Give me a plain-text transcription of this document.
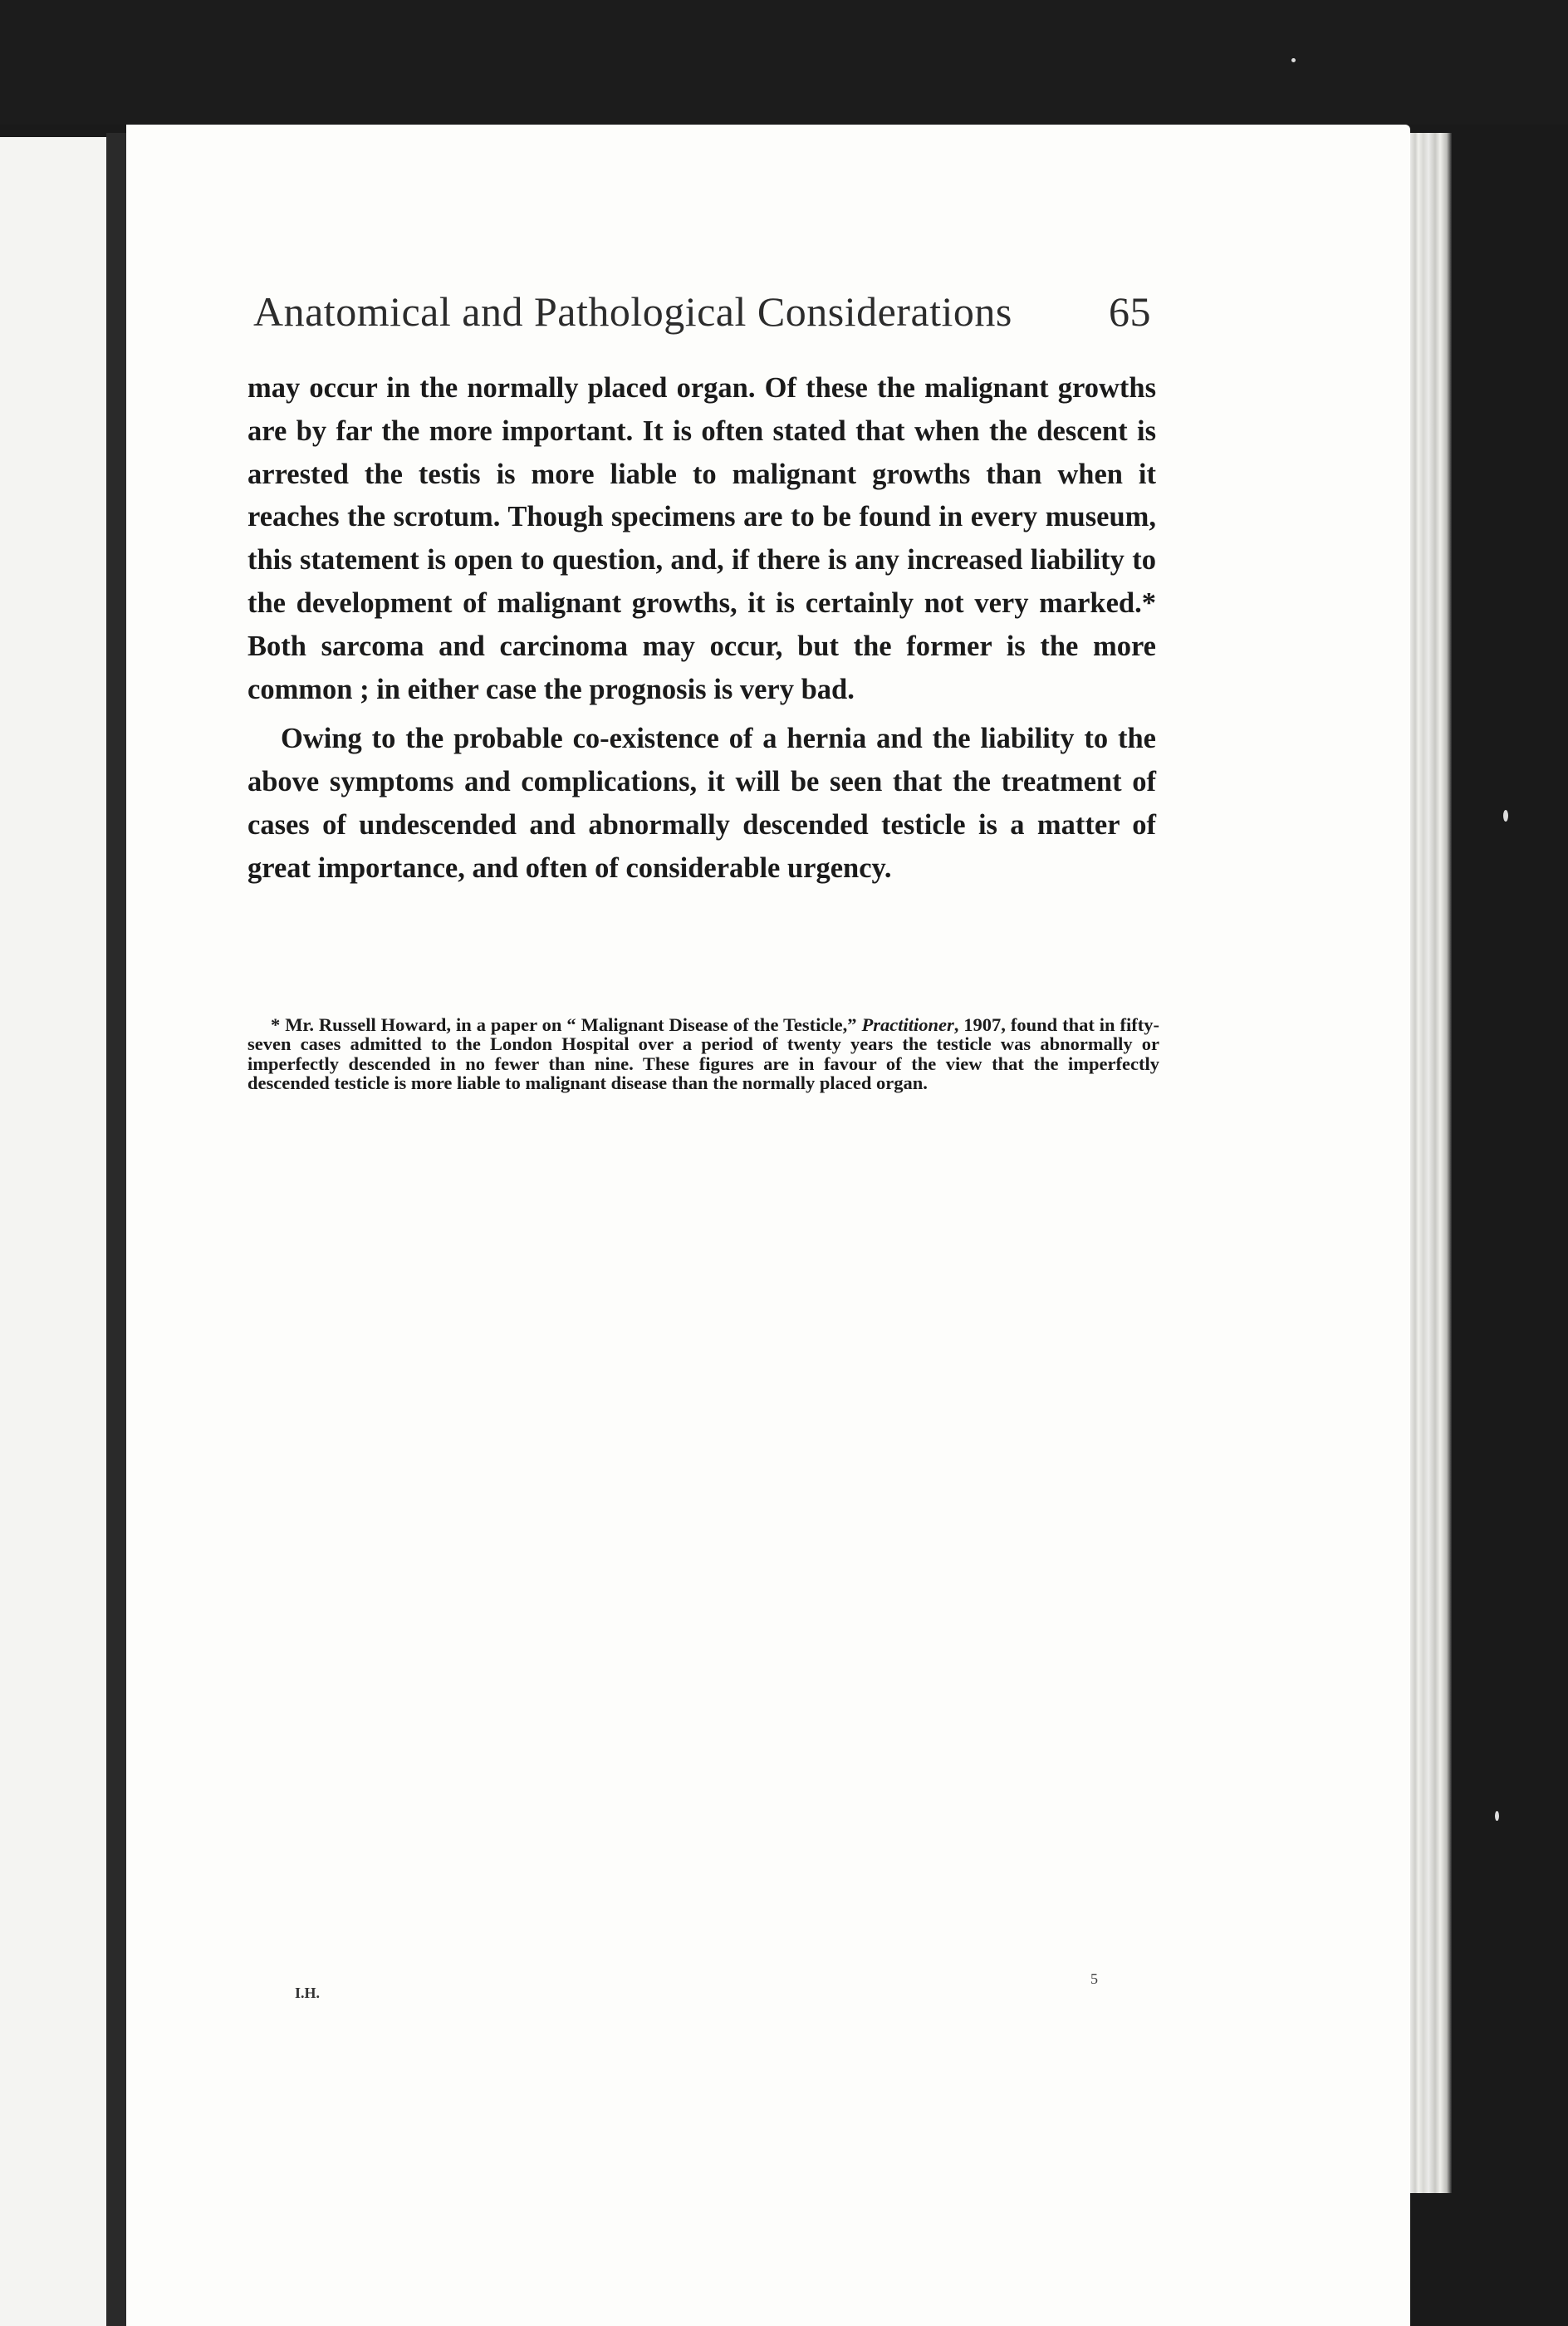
Anatomical and Pathological Considerations 65

may occur in the normally placed organ. Of these the malignant growths are by far the more important. It is often stated that when the descent is arrested the testis is more liable to malignant growths than when it reaches the scrotum. Though specimens are to be found in every museum, this statement is open to question, and, if there is any increased liability to the development of malignant growths, it is certainly not very marked.* Both sarcoma and carcinoma may occur, but the former is the more common ; in either case the prognosis is very bad.

Owing to the probable co-existence of a hernia and the liability to the above symptoms and complications, it will be seen that the treatment of cases of undescended and abnormally descended testicle is a matter of great importance, and often of considerable urgency.

* Mr. Russell Howard, in a paper on “ Malignant Disease of the Testicle,” Practitioner, 1907, found that in fifty-seven cases admitted to the London Hospital over a period of twenty years the testicle was abnormally or imperfectly descended in no fewer than nine. These figures are in favour of the view that the imperfectly descended testicle is more liable to malignant disease than the normally placed organ.

I.H.
5
